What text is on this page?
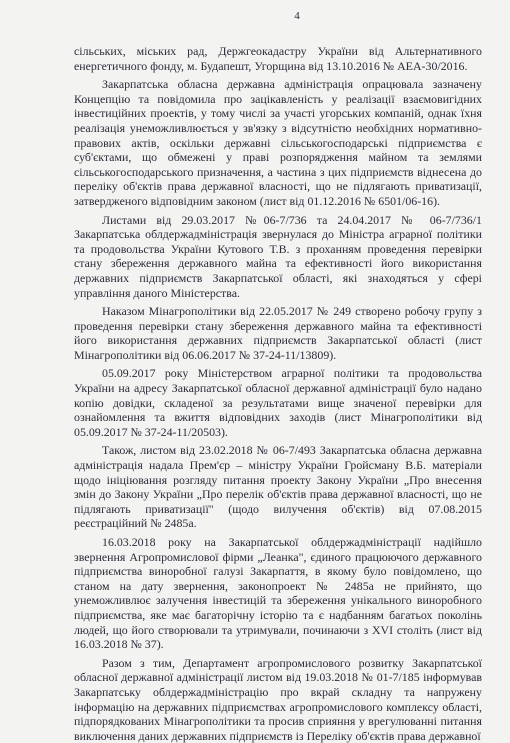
4

сільських, міських рад, Держгеокадастру України від Альтернативного енергетичного фонду, м. Будапешт, Угорщина від 13.10.2016 № АЕА-30/2016.

Закарпатська обласна державна адміністрація опрацювала зазначену Концепцію та повідомила про зацікавленість у реалізації взаємовигідних інвестиційних проектів, у тому числі за участі угорських компаній, однак їхня реалізація унеможливлюється у зв'язку з відсутністю необхідних нормативно-правових актів, оскільки державні сільськогосподарські підприємства є суб'єктами, що обмежені у праві розпорядження майном та землями сільськогосподарського призначення, а частина з цих підприємств віднесена до переліку об'єктів права державної власності, що не підлягають приватизації, затвердженого відповідним законом (лист від 01.12.2016 № 6501/06-16).

Листами від 29.03.2017 №06-7/736 та 24.04.2017 № 06-7/736/1 Закарпатська облдержадміністрація звернулася до Міністра аграрної політики та продовольства України Кутового Т.В. з проханням проведення перевірки стану збереження державного майна та ефективності його використання державних підприємств Закарпатської області, які знаходяться у сфері управління даного Міністерства.

Наказом Мінагрополітики від 22.05.2017 № 249 створено робочу групу з проведення перевірки стану збереження державного майна та ефективності його використання державних підприємств Закарпатської області (лист Мінагрополітики від 06.06.2017 № 37-24-11/13809).

05.09.2017 року Міністерством аграрної політики та продовольства України на адресу Закарпатської обласної державної адміністрації було надано копію довідки, складеної за результатами вище значеної перевірки для ознайомлення та вжиття відповідних заходів (лист Мінагрополітики від 05.09.2017 № 37-24-11/20503).

Також, листом від 23.02.2018 № 06-7/493 Закарпатська обласна державна адміністрація надала Прем'єр – міністру України Гройсману В.Б. матеріали щодо ініціювання розгляду питання проекту Закону України „Про внесення змін до Закону України „Про перелік об'єктів права державної власності, що не підлягають приватизації" (щодо вилучення об'єктів) від 07.08.2015 реєстраційний № 2485а.

16.03.2018 року на Закарпатської облдержадміністрації надійшло звернення Агропромислової фірми „Леанка", єдиного працюючого державного підприємства виноробної галузі Закарпаття, в якому було повідомлено, що станом на дату звернення, законопроект № 2485а не прийнято, що унеможливлює залучення інвестицій та збереження унікального виноробного підприємства, яке має багаторічну історію та є надбанням багатьох поколінь людей, що його створювали та утримували, починаючи з XVI століть (лист від 16.03.2018 № 37).

Разом з тим, Департамент агропромислового розвитку Закарпатської обласної державної адміністрації листом від 19.03.2018 № 01-7/185 інформував Закарпатську облдержадміністрацію про вкрай складну та напружену інформацію на державних підприємствах агропромислового комплексу області, підпорядкованих Мінагрополітики та просив сприяння у врегулюванні питання виключення даних державних підприємств із Переліку об'єктів права державної
